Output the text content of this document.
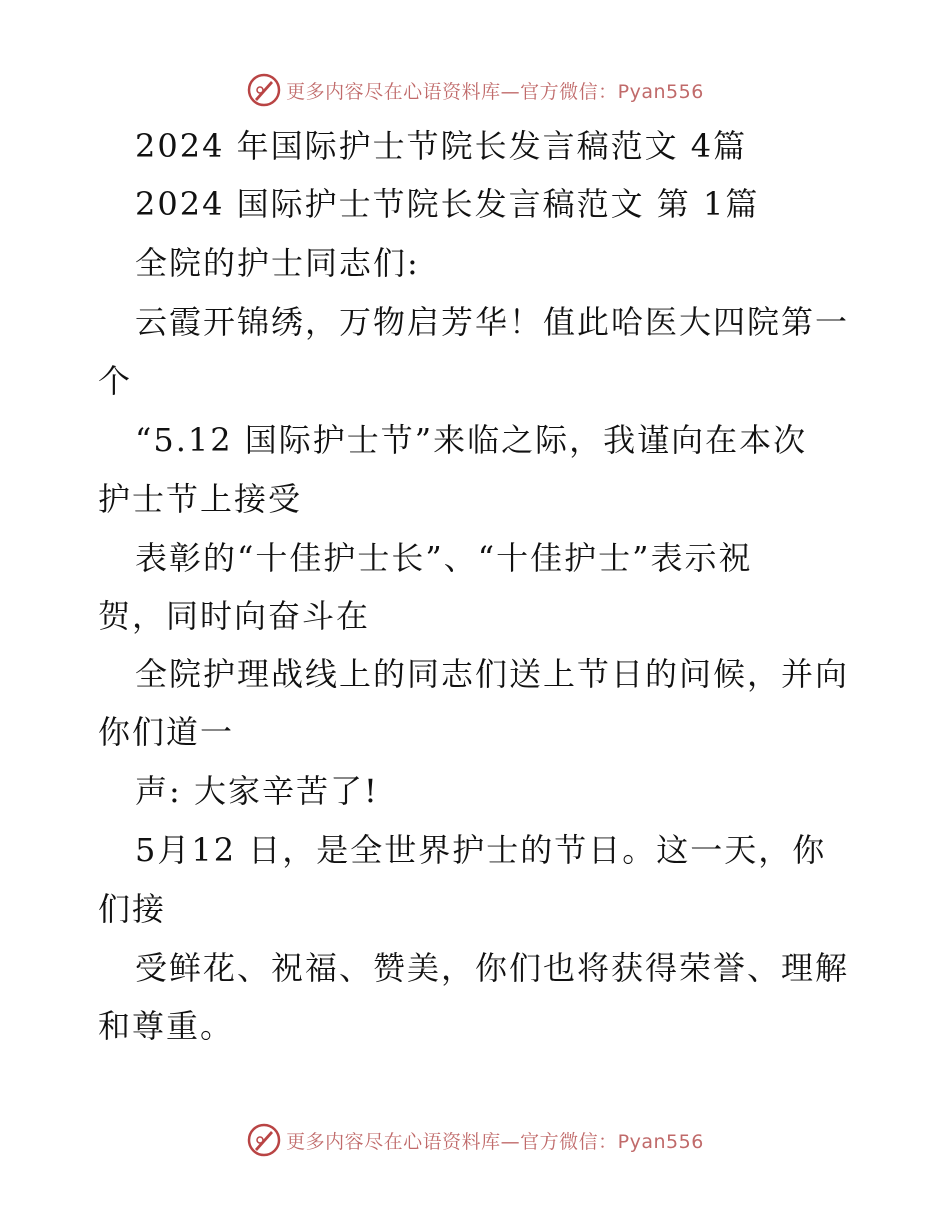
更多内容尽在心语资料库—官方微信：Pyan556
2024 年国际护士节院长发言稿范文 4篇
2024 国际护士节院长发言稿范文 第 1篇
全院的护士同志们:
云霞开锦绣，万物启芳华！值此哈医大四院第一
个
“5.12 国际护士节”来临之际，我谨向在本次
护士节上接受
表彰的“十佳护士长”、“十佳护士”表示祝
贺，同时向奋斗在
全院护理战线上的同志们送上节日的问候，并向
你们道一
声: 大家辛苦了!
5月12 日，是全世界护士的节日。这一天，你
们接
受鲜花、祝福、赞美，你们也将获得荣誉、理解
和尊重。
更多内容尽在心语资料库—官方微信：Pyan556
